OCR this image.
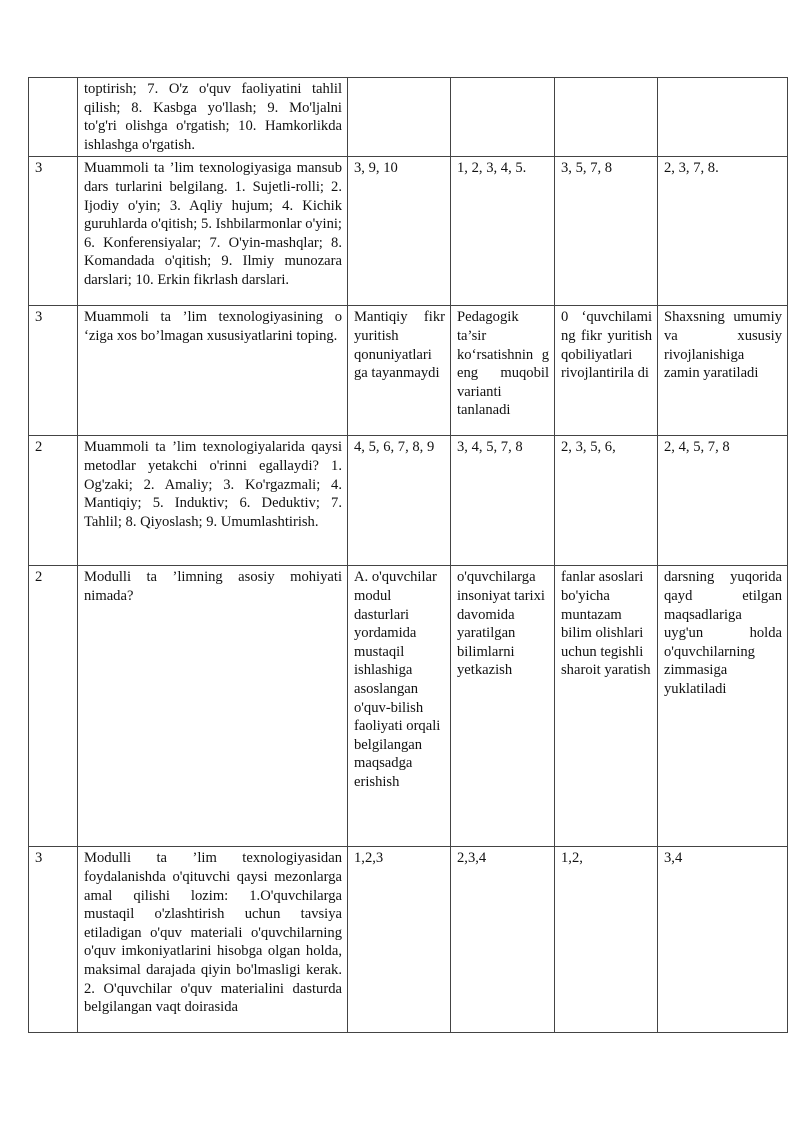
	toptirish; 7. O'z o'quv faoliyatini tahlil qilish; 8. Kasbga yo'llash; 9. Mo'ljalni to'g'ri olishga o'rgatish; 10. Hamkorlikda ishlashga o'rgatish.				
3	Muammoli ta ’lim texnologiyasiga mansub dars turlarini belgilang. 1. Sujetli-rolli; 2. Ijodiy o'yin; 3. Aqliy hujum; 4. Kichik guruhlarda o'qitish; 5. Ishbilarmonlar o'yini; 6. Konferensiyalar; 7. O'yin-mashqlar; 8. Komandada o'qitish; 9. Ilmiy munozara darslari; 10. Erkin fikrlash darslari.	3, 9, 10	1, 2, 3, 4, 5.	3, 5, 7, 8	2, 3, 7, 8.
3	Muammoli ta ’lim texnologiyasining o ‘ziga xos bo’lmagan xususiyatlarini toping.	Mantiqiy fikr yuritish qonuniyatlari ga tayanmaydi	Pedagogik ta’sir ko‘rsatishnin g eng muqobil varianti tanlanadi	0 ‘quvchilami ng fikr yuritish qobiliyatlari rivojlantirila di	Shaxsning umumiy va xususiy rivojlanishiga zamin yaratiladi
2	Muammoli ta ’lim texnologiyalarida qaysi metodlar yetakchi o'rinni egallaydi? 1. Og'zaki; 2. Amaliy; 3. Ko'rgazmali; 4. Mantiqiy; 5. Induktiv; 6. Deduktiv; 7. Tahlil; 8. Qiyoslash; 9. Umumlashtirish.	4, 5, 6, 7, 8, 9	3, 4, 5, 7, 8	2, 3, 5, 6,	2, 4, 5, 7, 8
2	Modulli ta ’limning asosiy mohiyati nimada?	A. o'quvchilar modul dasturlari yordamida mustaqil ishlashiga asoslangan o'quv-bilish faoliyati orqali belgilangan maqsadga erishish	o'quvchilarga insoniyat tarixi davomida yaratilgan bilimlarni yetkazish	fanlar asoslari bo'yicha muntazam bilim olishlari uchun tegishli sharoit yaratish	darsning yuqorida qayd etilgan maqsadlariga uyg'un holda o'quvchilarning zimmasiga yuklatiladi
3	Modulli ta ’lim texnologiyasidan foydalanishda o'qituvchi qaysi mezonlarga amal qilishi lozim: 1.O'quvchilarga mustaqil o'zlashtirish uchun tavsiya etiladigan o'quv materiali o'quvchilarning o'quv imkoniyatlarini hisobga olgan holda, maksimal darajada qiyin bo'lmasligi kerak. 2. O'quvchilar o'quv materialini dasturda belgilangan vaqt doirasida	1,2,3	2,3,4	1,2,	3,4
